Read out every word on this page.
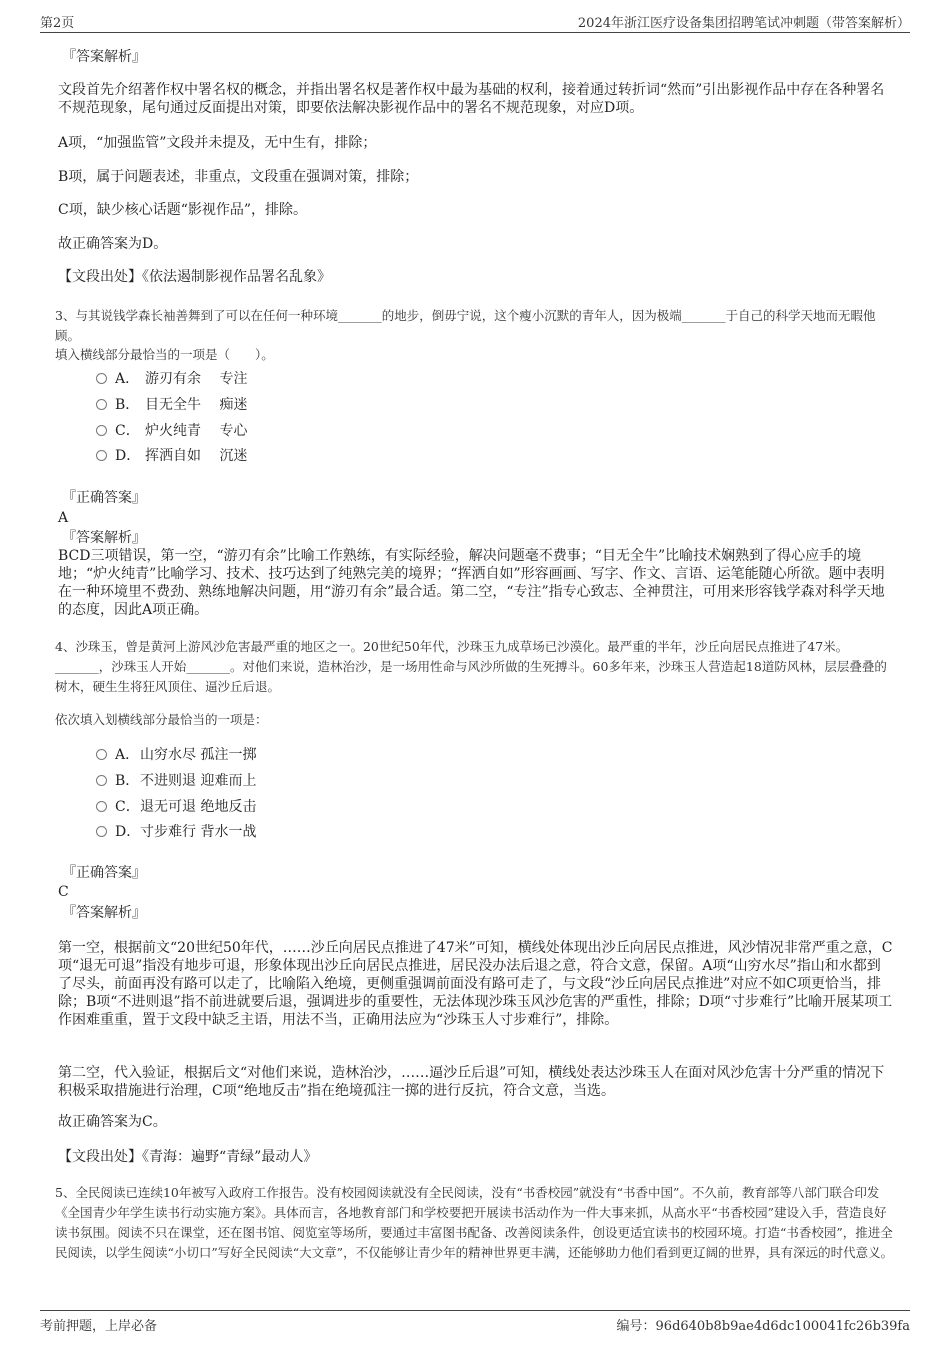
第2页	2024年浙江医疗设备集团招聘笔试冲刺题（带答案解析）
『答案解析』
文段首先介绍著作权中署名权的概念，并指出署名权是著作权中最为基础的权利，接着通过转折词“然而”引出影视作品中存在各种署名不规范现象，尾句通过反面提出对策，即要依法解决影视作品中的署名不规范现象，对应D项。
A项，“加强监管”文段并未提及，无中生有，排除；
B项，属于问题表述，非重点，文段重在强调对策，排除；
C项，缺少核心话题“影视作品”，排除。
故正确答案为D。
【文段出处】《依法遏制影视作品署名乱象》
3、与其说钱学森长袖善舞到了可以在任何一种环境_______的地步，倒毋宁说，这个瘦小沉默的青年人，因为极端_______于自己的科学天地而无暇他顾。
填入横线部分最恰当的一项是（　　）。
A． 游刃有余　 专注
B． 目无全牛　 痴迷
C． 炉火纯青　 专心
D． 挥洒自如　 沉迷
『正确答案』
A
『答案解析』
BCD三项错误，第一空，“游刃有余”比喻工作熟练，有实际经验，解决问题毫不费事；“目无全牛”比喻技术娴熟到了得心应手的境地；“炉火纯青”比喻学习、技术、技巧达到了纯熟完美的境界；“挥洒自如”形容画画、写字、作文、言语、运笔能随心所欲。题中表明在一种环境里不费劲、熟练地解决问题，用“游刃有余”最合适。第二空，“专注”指专心致志、全神贯注，可用来形容钱学森对科学天地的态度，因此A项正确。
4、沙珠玉，曾是黄河上游风沙危害最严重的地区之一。20世纪50年代，沙珠玉九成草场已沙漠化。最严重的半年，沙丘向居民点推进了47米。_______，沙珠玉人开始_______。对他们来说，造林治沙，是一场用性命与风沙所做的生死搏斗。60多年来，沙珠玉人营造起18道防风林，层层叠叠的树木，硬生生将狂风顶住、逼沙丘后退。
依次填入划横线部分最恰当的一项是：
A．山穷水尽 孤注一掷
B．不进则退 迎难而上
C．退无可退 绝地反击
D．寸步难行 背水一战
『正确答案』
C
『答案解析』
第一空，根据前文“20世纪50年代，……沙丘向居民点推进了47米”可知，横线处体现出沙丘向居民点推进，风沙情况非常严重之意，C项“退无可退”指没有地步可退，形象体现出沙丘向居民点推进，居民没办法后退之意，符合文意，保留。A项“山穷水尽”指山和水都到了尽头，前面再没有路可以走了，比喻陷入绝境，更侧重强调前面没有路可走了，与文段“沙丘向居民点推进”对应不如C项更恰当，排除；B项“不进则退”指不前进就要后退，强调进步的重要性，无法体现沙珠玉风沙危害的严重性，排除；D项“寸步难行”比喻开展某项工作困难重重，置于文段中缺乏主语，用法不当，正确用法应为“沙珠玉人寸步难行”，排除。
第二空，代入验证，根据后文“对他们来说，造林治沙，……逼沙丘后退”可知，横线处表达沙珠玉人在面对风沙危害十分严重的情况下积极采取措施进行治理，C项“绝地反击”指在绝境孤注一掷的进行反抗，符合文意，当选。
故正确答案为C。
【文段出处】《青海：遍野“青绿”最动人》
5、全民阅读已连续10年被写入政府工作报告。没有校园阅读就没有全民阅读，没有“书香校园”就没有“书香中国”。不久前，教育部等八部门联合印发《全国青少年学生读书行动实施方案》。具体而言，各地教育部门和学校要把开展读书活动作为一件大事来抓，从高水平“书香校园”建设入手，营造良好读书氛围。阅读不只在课堂，还在图书馆、阅览室等场所，要通过丰富图书配备、改善阅读条件，创设更适宜读书的校园环境。打造“书香校园”，推进全民阅读，以学生阅读“小切口”写好全民阅读“大文章”，不仅能够让青少年的精神世界更丰满，还能够助力他们看到更辽阔的世界，具有深远的时代意义。
考前押题，上岸必备	编号：96d640b8b9ae4d6dc100041fc26b39fa
